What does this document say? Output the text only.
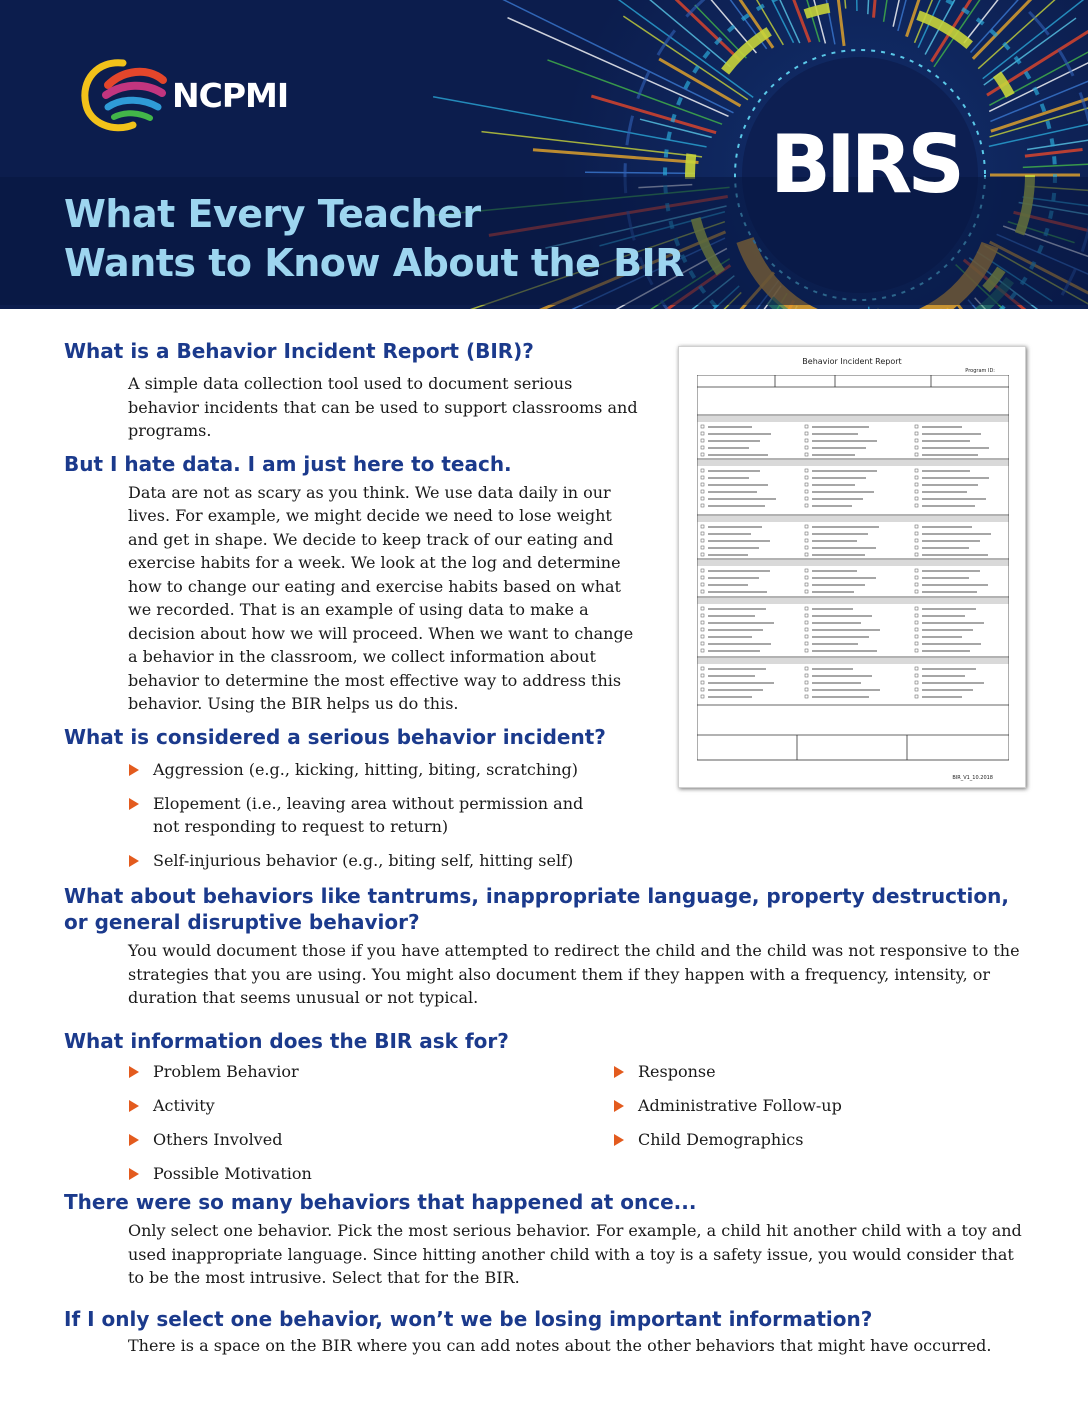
NCPMI
BIRS
What Every Teacher
Wants to Know About the BIR
Behavior Incident Report
Program ID:
BIR_V1_10.2018
What is a Behavior Incident Report (BIR)?

A simple data collection tool used to document serious behavior incidents that can be used to support classrooms and programs.

But I hate data. I am just here to teach.

Data are not as scary as you think. We use data daily in our lives. For example, we might decide we need to lose weight and get in shape. We decide to keep track of our eating and exercise habits for a week. We look at the log and determine how to change our eating and exercise habits based on what we recorded. That is an example of using data to make a decision about how we will proceed. When we want to change a behavior in the classroom, we collect information about behavior to determine the most effective way to address this behavior. Using the BIR helps us do this.

What is considered a serious behavior incident?
Aggression (e.g., kicking, hitting, biting, scratching)
Elopement (i.e., leaving area without permission and not responding to request to return)
Self-injurious behavior (e.g., biting self, hitting self)
What about behaviors like tantrums, inappropriate language, property destruction, or general disruptive behavior?

You would document those if you have attempted to redirect the child and the child was not responsive to the strategies that you are using. You might also document them if they happen with a frequency, intensity, or duration that seems unusual or not typical.

What information does the BIR ask for?
Problem Behavior
Activity
Others Involved
Possible Motivation
Response
Administrative Follow-up
Child Demographics
There were so many behaviors that happened at once...

Only select one behavior. Pick the most serious behavior. For example, a child hit another child with a toy and used inappropriate language. Since hitting another child with a toy is a safety issue, you would consider that to be the most intrusive. Select that for the BIR.

If I only select one behavior, won’t we be losing important information?

There is a space on the BIR where you can add notes about the other behaviors that might have occurred.
